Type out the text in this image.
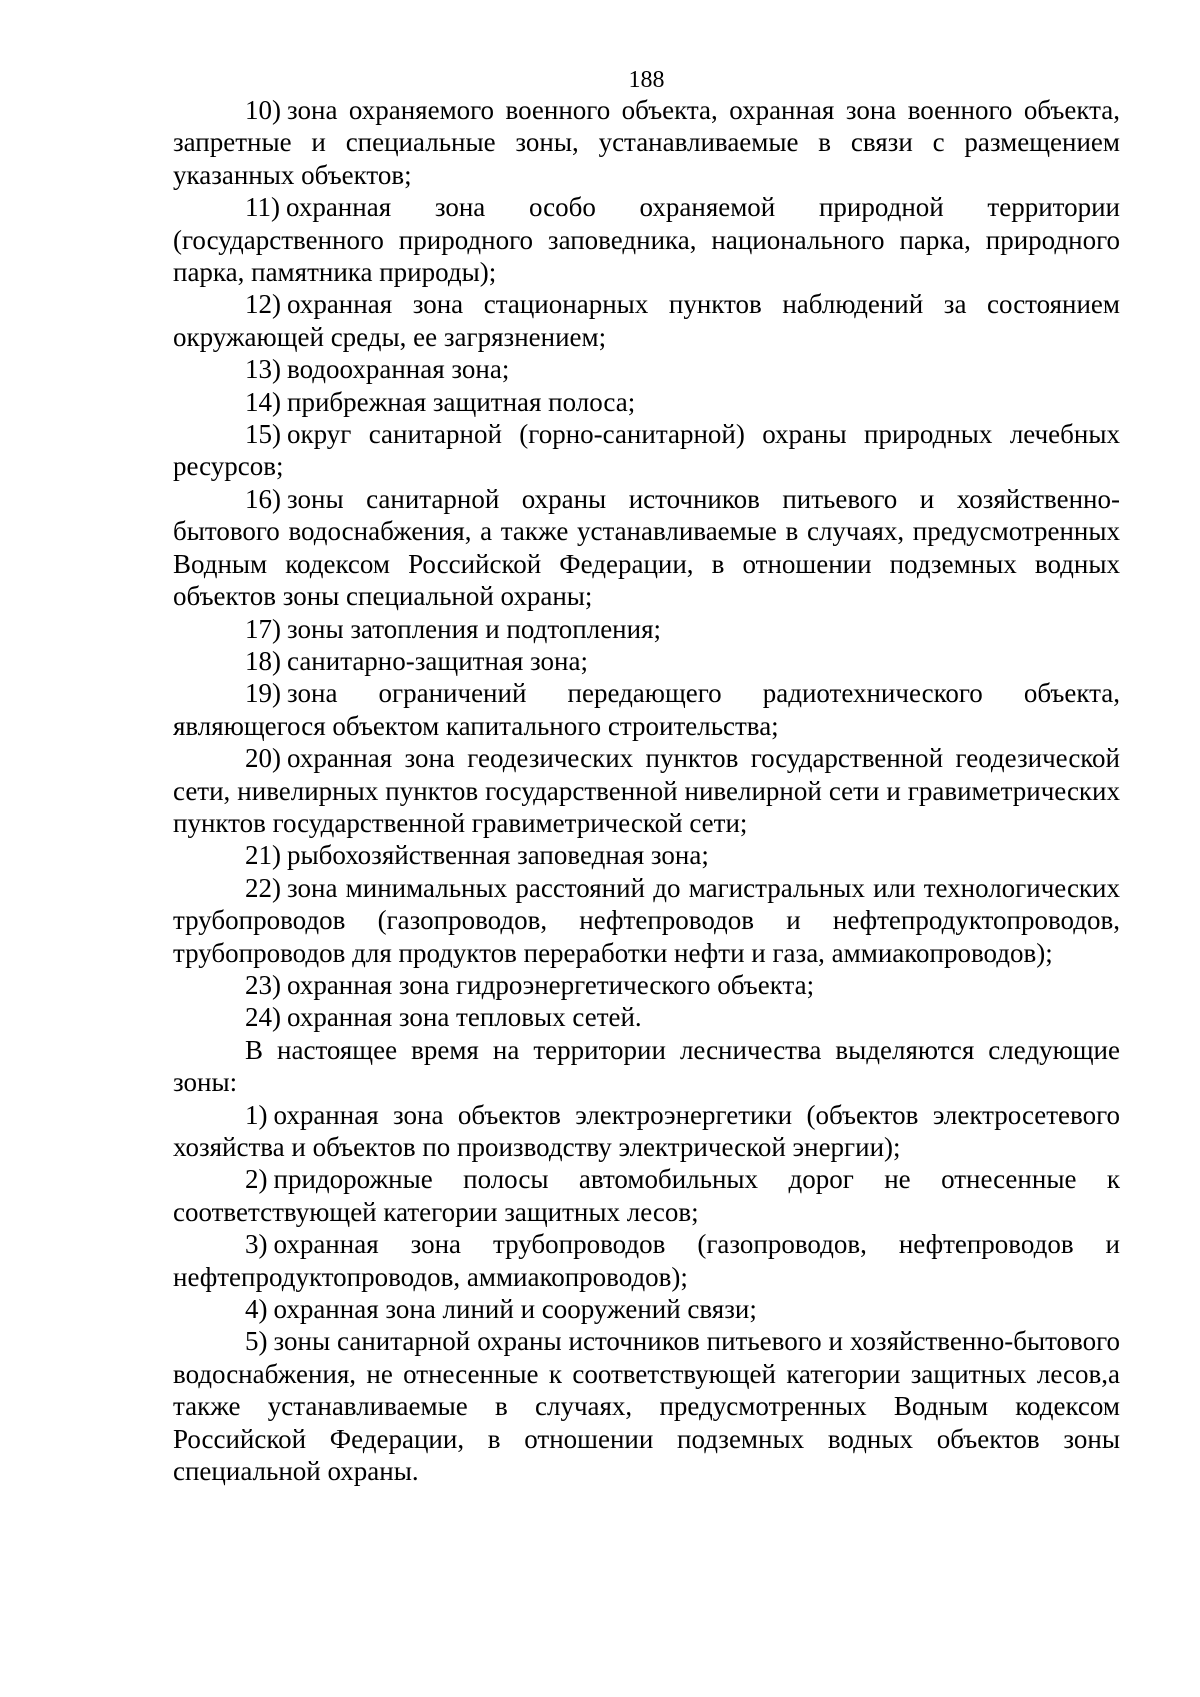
188

10) зона охраняемого военного объекта, охранная зона военного объекта, запретные и специальные зоны, устанавливаемые в связи с размещением указанных объектов;

11) охранная зона особо охраняемой природной территории (государственного природного заповедника, национального парка, природного парка, памятника природы);

12) охранная зона стационарных пунктов наблюдений за состоянием окружающей среды, ее загрязнением;

13) водоохранная зона;

14) прибрежная защитная полоса;

15) округ санитарной (горно-санитарной) охраны природных лечебных ресурсов;

16) зоны санитарной охраны источников питьевого и хозяйственно-бытового водоснабжения, а также устанавливаемые в случаях, предусмотренных Водным кодексом Российской Федерации, в отношении подземных водных объектов зоны специальной охраны;

17) зоны затопления и подтопления;

18) санитарно-защитная зона;

19) зона ограничений передающего радиотехнического объекта, являющегося объектом капитального строительства;

20) охранная зона геодезических пунктов государственной геодезической сети, нивелирных пунктов государственной нивелирной сети и гравиметрических пунктов государственной гравиметрической сети;

21) рыбохозяйственная заповедная зона;

22) зона минимальных расстояний до магистральных или технологических трубопроводов (газопроводов, нефтепроводов и нефтепродуктопроводов, трубопроводов для продуктов переработки нефти и газа, аммиакопроводов);

23) охранная зона гидроэнергетического объекта;

24) охранная зона тепловых сетей.

В настоящее время на территории лесничества выделяются следующие зоны:

1) охранная зона объектов электроэнергетики (объектов электросетевого хозяйства и объектов по производству электрической энергии);

2) придорожные полосы автомобильных дорог не отнесенные к соответствующей категории защитных лесов;

3) охранная зона трубопроводов (газопроводов, нефтепроводов и нефтепродуктопроводов, аммиакопроводов);

4) охранная зона линий и сооружений связи;

5) зоны санитарной охраны источников питьевого и хозяйственно-бытового водоснабжения, не отнесенные к соответствующей категории защитных лесов,а также устанавливаемые в случаях, предусмотренных Водным кодексом Российской Федерации, в отношении подземных водных объектов зоны специальной охраны.
